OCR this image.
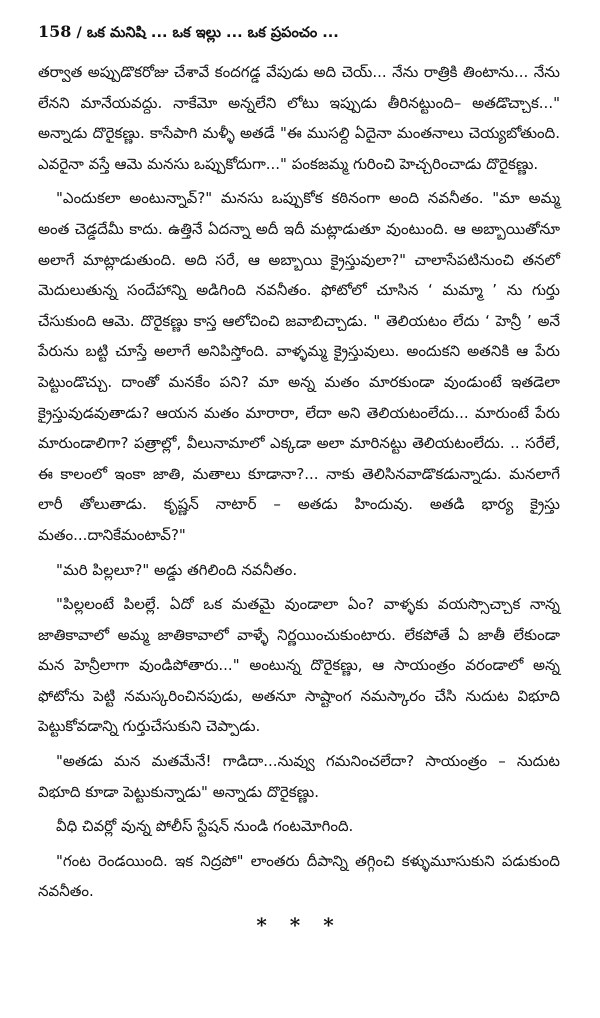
158 / ఒక మనిషి ... ఒక ఇల్లు ... ఒక ప్రపంచం ...

తర్వాత అప్పుడొకరోజు చేశావే కందగడ్డ వేపుడు అది చెయ్... నేను రాత్రికి తింటాను... నేను లేనని మానేయవద్దు. నాకేమో అన్నలేని లోటు ఇప్పుడు తీరినట్టుంది– అతడొచ్చాక..." అన్నాడు దొరైకణ్ణు. కాసేపాగి మళ్ళీ అతడే "ఈ ముసల్ది ఏదైనా మంతనాలు చెయ్యబోతుంది. ఎవరైనా వస్తే ఆమె మనసు ఒప్పుకోదుగా..." పంకజమ్మ గురించి హెచ్చరించాడు దొరైకణ్ణు.

"ఎందుకలా అంటున్నావ్?" మనసు ఒప్పుకోక కఠినంగా అంది నవనీతం. "మా అమ్మ అంత చెడ్డదేమీ కాదు. ఉత్తినే ఏదన్నా అదీ ఇదీ మట్లాడుతూ వుంటుంది. ఆ అబ్బాయితోనూ అలాగే మాట్లాడుతుంది. అది సరే, ఆ అబ్బాయి క్రైస్తువులా?" చాలాసేపటినుంచి తనలో మెదులుతున్న సందేహాన్ని అడిగింది నవనీతం. ఫోటోలో చూసిన ‘ మమ్మా ’ ను గుర్తు చేసుకుంది ఆమె. దొరైకణ్ణు కాస్త ఆలోచించి జవాబిచ్చాడు. " తెలియటం లేదు ‘ హెన్రీ ’ అనే పేరును బట్టి చూస్తే అలాగే అనిపిస్తోంది. వాళ్ళమ్మ క్రైస్తువులు. అందుకని అతనికి ఆ పేరు పెట్టుండొచ్చు. దాంతో మనకేం పని? మా అన్న మతం మారకుండా వుండుంటే ఇతడెలా క్రైస్తువుడవుతాడు? ఆయన మతం మారారా, లేదా అని తెలియటంలేదు... మారుంటే పేరు మారుండాలిగా? పత్రాల్లో, వీలునామాలో ఎక్కడా అలా మారినట్టు తెలియటంలేదు. .. సరేలే, ఈ కాలంలో ఇంకా జాతి, మతాలు కూడానా?... నాకు తెలిసినవాడొకడున్నాడు. మనలాగే లారీ తోలుతాడు. కృష్ణన్ నాటార్ – అతడు హిందువు. అతడి భార్య క్రైస్తు మతం...దానికేమంటావ్?"

"మరి పిల్లలూ?" అడ్డు తగిలింది నవనీతం.

"పిల్లలంటే పిలల్లే. ఏదో ఒక మతమై వుండాలా ఏం? వాళ్ళకు వయస్సొచ్చాక నాన్న జాతికావాలో అమ్మ జాతికావాలో వాళ్ళే నిర్ణయించుకుంటారు. లేకపోతే ఏ జాతీ లేకుండా మన హెన్రీలాగా వుండిపోతారు..." అంటున్న దొరైకణ్ణు, ఆ సాయంత్రం వరండాలో అన్న ఫోటోను పెట్టి నమస్కరించినపుడు, అతనూ సాష్టాంగ నమస్కారం చేసి నుదుట విభూది పెట్టుకోవడాన్ని గుర్తుచేసుకుని చెప్పాడు.

"అతడు మన మతమేనే! గాడిదా...నువ్వు గమనించలేదా? సాయంత్రం – నుదుట విభూది కూడా పెట్టుకున్నాడు" అన్నాడు దొరైకణ్ణు.

వీధి చివర్లో వున్న పోలీస్ స్టేషన్ నుండి గంటమోగింది.

"గంట రెండయింది. ఇక నిద్రపో" లాంతరు దీపాన్ని తగ్గించి కళ్ళుమూసుకుని పడుకుంది నవనీతం.

* * *
